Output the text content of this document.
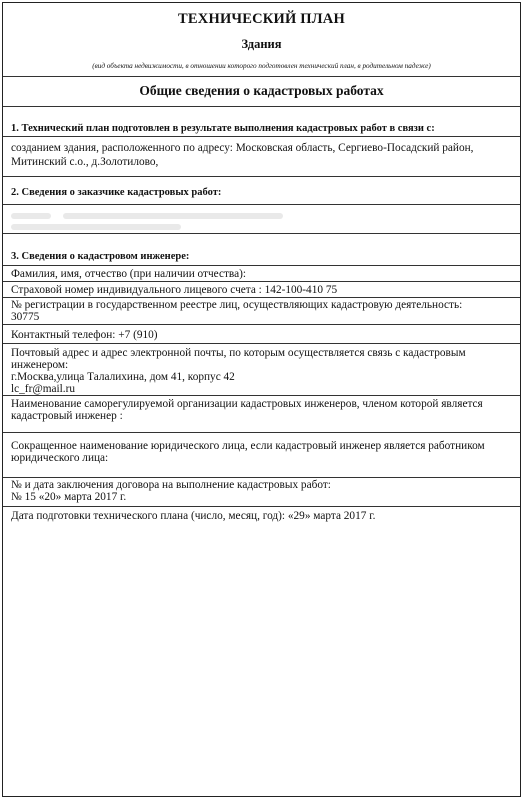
ТЕХНИЧЕСКИЙ ПЛАН
Здания
(вид объекта недвижимости, в отношении которого подготовлен технический план, в родительном падеже)
Общие сведения о кадастровых работах
1. Технический план подготовлен в результате выполнения кадастровых работ в связи с:
созданием здания, расположенного по адресу: Московская область, Сергиево-Посадский район,
Митинский с.о., д.Золотилово,
2. Сведения о заказчике кадастровых работ:
3. Сведения о кадастровом инженере:
Фамилия, имя, отчество (при наличии отчества):
Страховой номер индивидуального лицевого счета : 142-100-410 75
№ регистрации в государственном реестре лиц, осуществляющих кадастровую деятельность:
30775
Контактный телефон: +7 (910)
Почтовый адрес и адрес электронной почты, по которым осуществляется связь с кадастровым
инженером:
г.Москва,улица Талалихина, дом 41, корпус 42
lc_fr@mail.ru
Наименование саморегулируемой организации кадастровых инженеров, членом которой является
кадастровый инженер :
Сокращенное наименование юридического лица, если кадастровый инженер является работником
юридического лица:
№ и дата заключения договора на выполнение кадастровых работ:
№ 15 «20» марта 2017 г.
Дата подготовки технического плана (число, месяц, год): «29» марта 2017 г.
